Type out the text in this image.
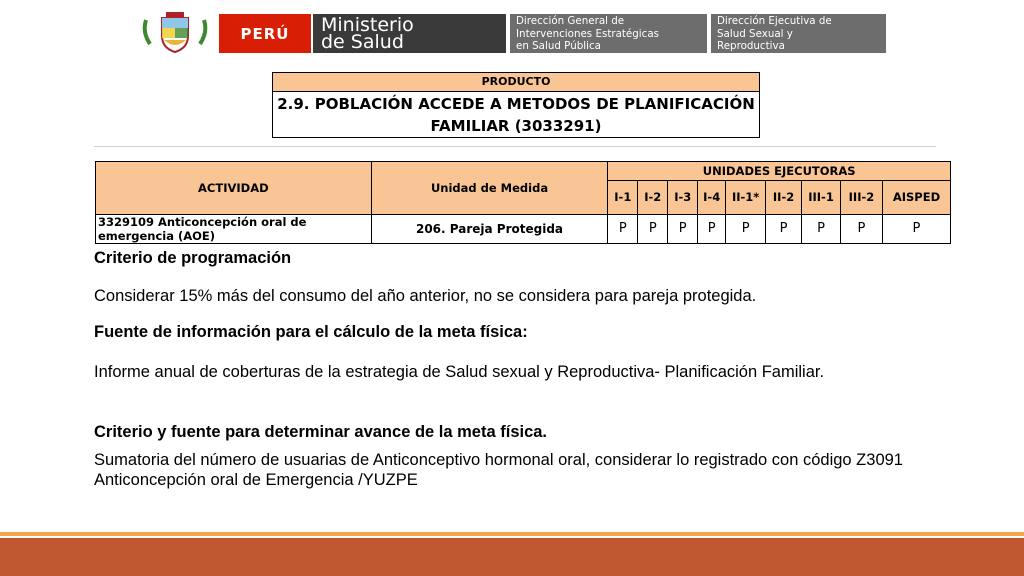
PERÚ Ministerio
de Salud
Dirección General de
Intervenciones Estratégicas
en Salud Pública
Dirección Ejecutiva de
Salud Sexual y
Reproductiva
PRODUCTO
2.9. POBLACIÓN ACCEDE A METODOS DE PLANIFICACIÓN
FAMILIAR (3033291)
ACTIVIDAD	Unidad de Medida	UNIDADES EJECUTORAS								
		I-1	I-2	I-3	I-4	II-1*	II-2	III-1	III-2	AISPED

3329109 Anticoncepción oral de
emergencia (AOE)	206. Pareja Protegida	P	P	P	P	P	P	P	P	P
Criterio de programación
Considerar 15% más del consumo del año anterior, no se considera para pareja protegida.
Fuente de información para el cálculo de la meta física:
Informe anual de coberturas de la estrategia de Salud sexual y Reproductiva- Planificación Familiar.
Criterio y fuente para determinar avance de la meta física.
Sumatoria del número de usuarias de Anticonceptivo hormonal oral, considerar lo registrado con código Z3091 Anticoncepción oral de Emergencia /YUZPE
